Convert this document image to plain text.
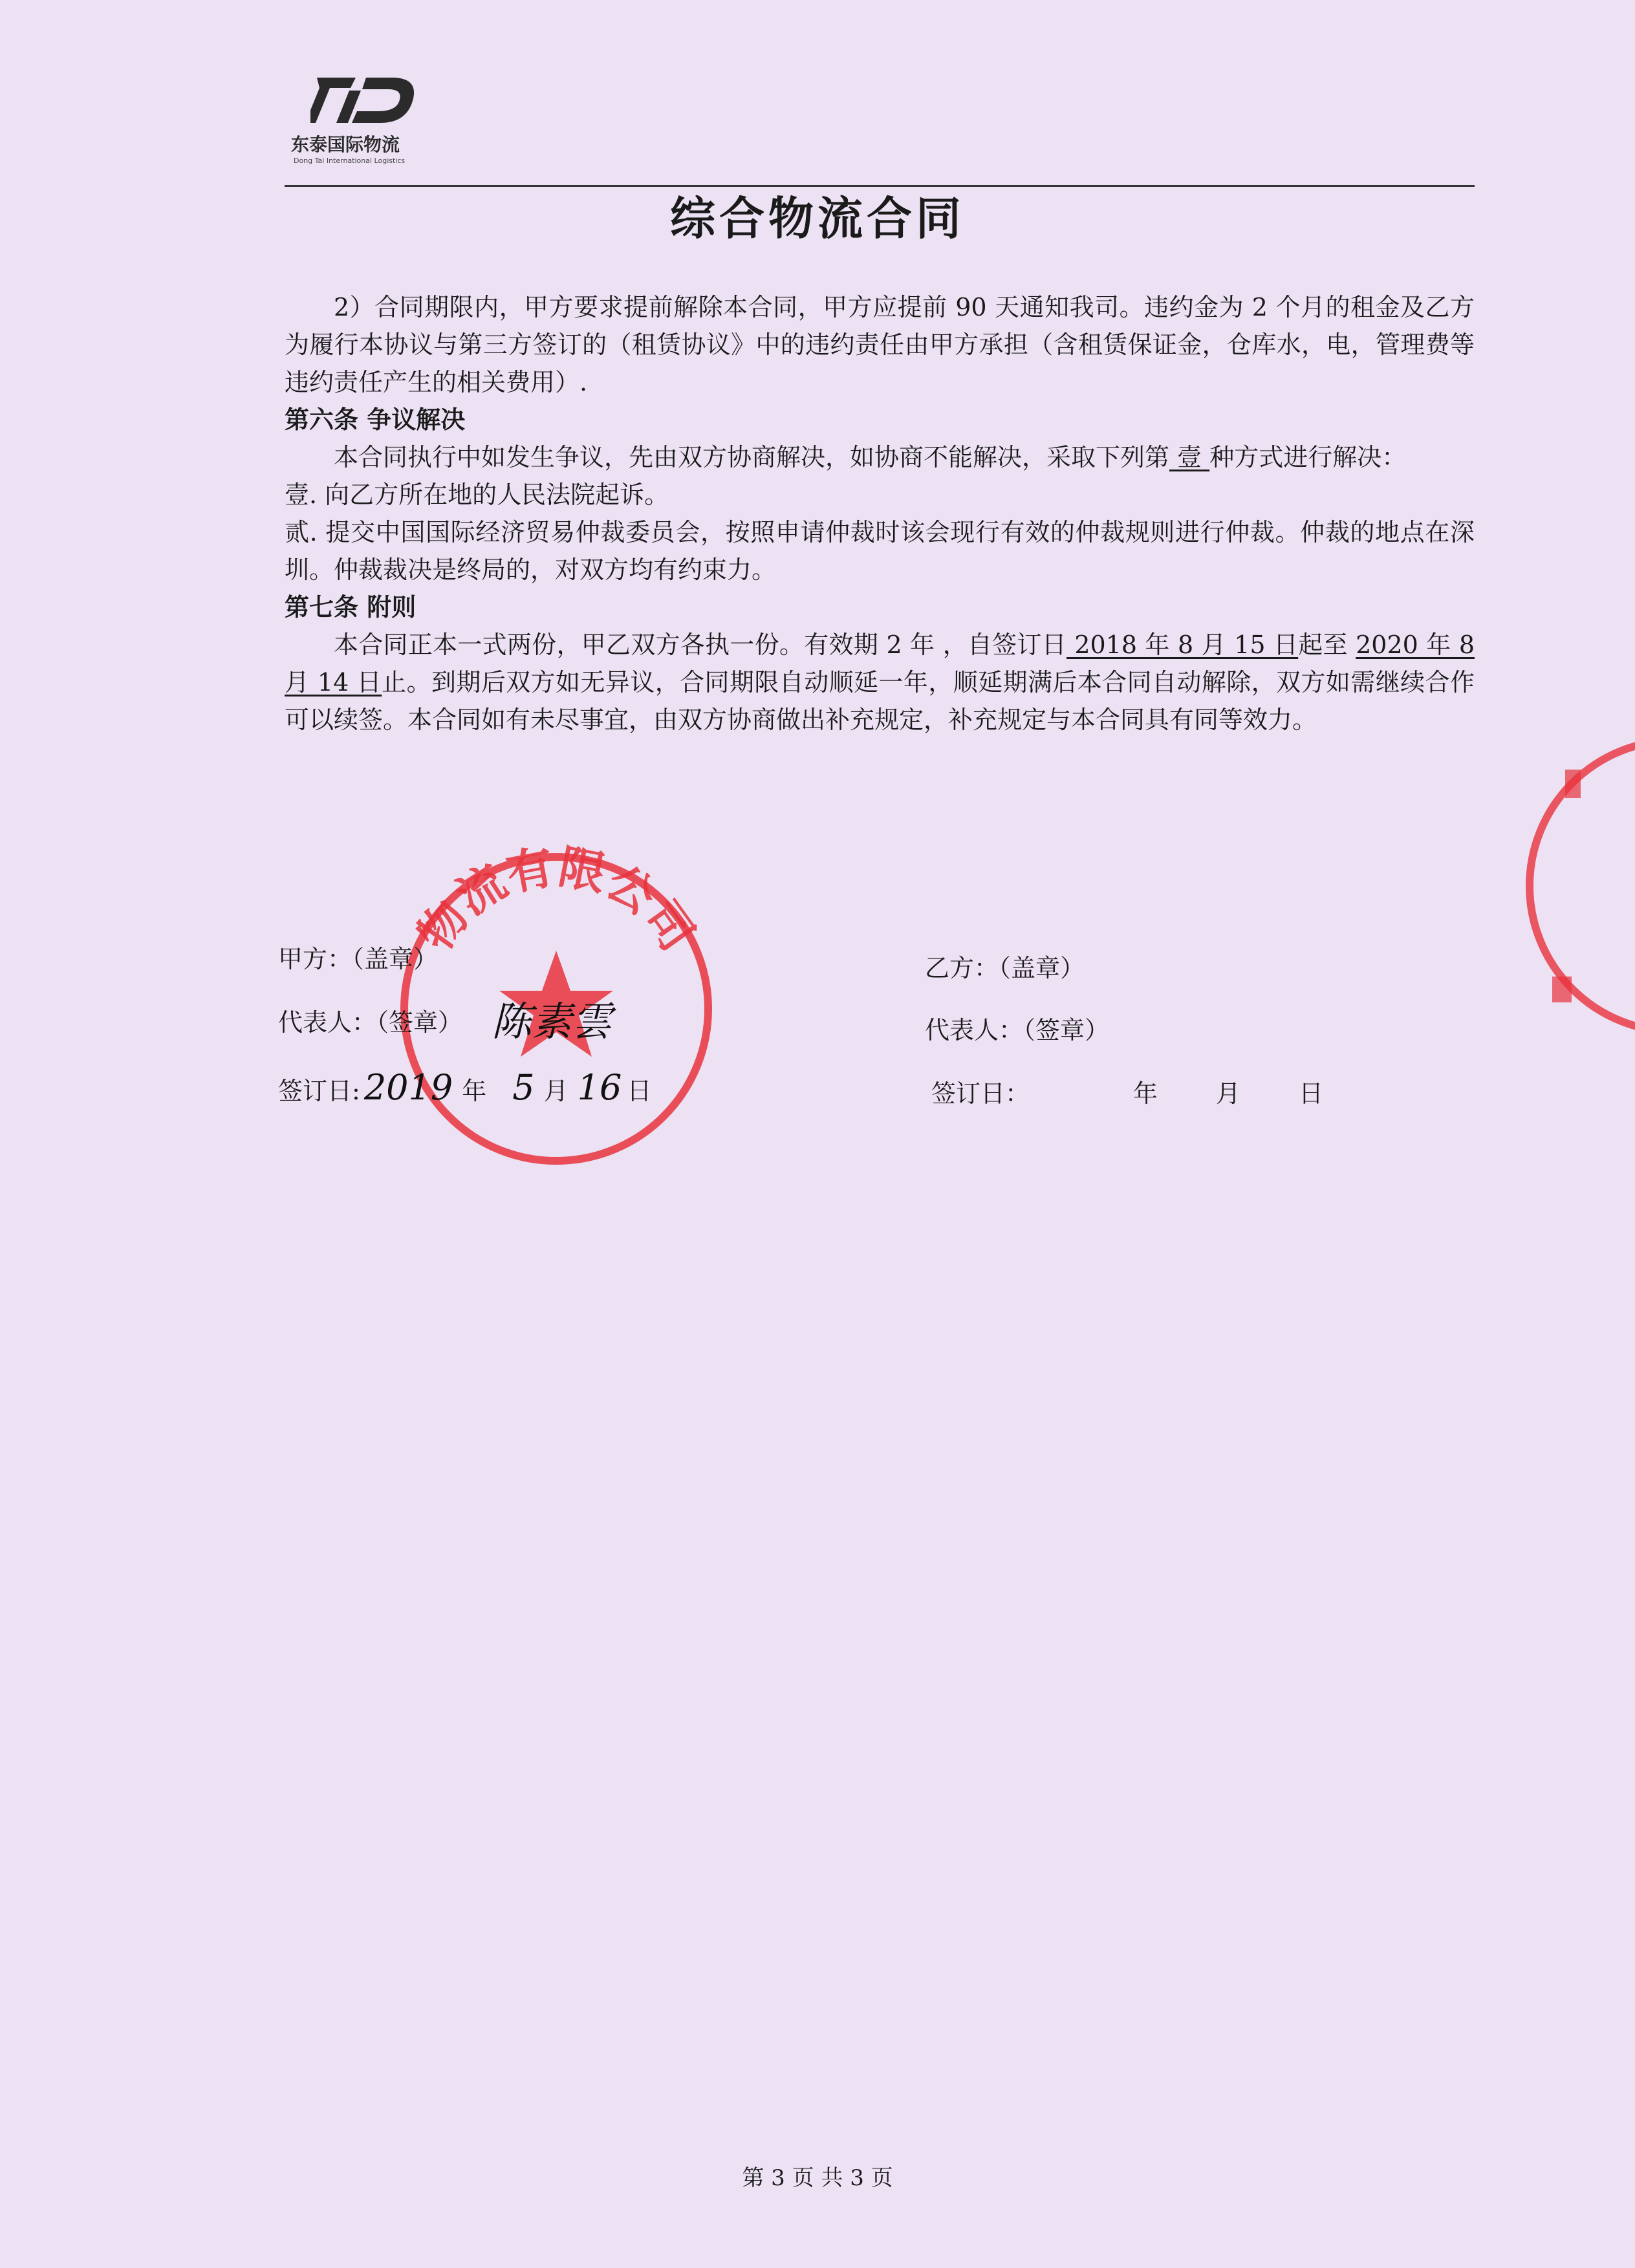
东泰国际物流
Dong Tai International Logistics
综合物流合同
2）合同期限内，甲方要求提前解除本合同，甲方应提前 90 天通知我司。违约金为 2 个月的租金及乙方为履行本协议与第三方签订的（租赁协议》中的违约责任由甲方承担（含租赁保证金，仓库水，电，管理费等违约责任产生的相关费用）.
第六条 争议解决
本合同执行中如发生争议，先由双方协商解决，如协商不能解决，采取下列第 壹 种方式进行解决：
壹. 向乙方所在地的人民法院起诉。
贰. 提交中国国际经济贸易仲裁委员会，按照申请仲裁时该会现行有效的仲裁规则进行仲裁。仲裁的地点在深圳。仲裁裁决是终局的，对双方均有约束力。
第七条 附则
本合同正本一式两份，甲乙双方各执一份。有效期 2 年 ，自签订日 2018 年 8 月 15 日起至 2020 年 8 月 14 日止。到期后双方如无异议，合同期限自动顺延一年，顺延期满后本合同自动解除，双方如需继续合作可以续签。本合同如有未尽事宜，由双方协商做出补充规定，补充规定与本合同具有同等效力。
物流有限公司
甲方：（盖章）
代表人：（签章） 陈素雲
签订日: 2019 年 5 月 16 日
乙方：（盖章）
代表人：（签章）
签订日：	年 月 日
第 3 页 共 3 页
